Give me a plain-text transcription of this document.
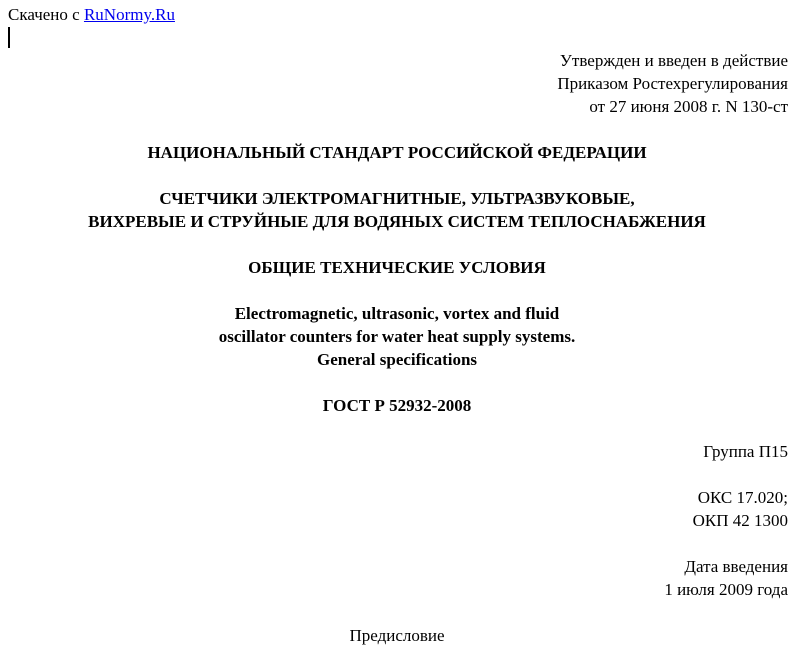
Скачено с RuNormy.Ru
Утвержден и введен в действие
Приказом Ростехрегулирования
от 27 июня 2008 г. N 130-ст
НАЦИОНАЛЬНЫЙ СТАНДАРТ РОССИЙСКОЙ ФЕДЕРАЦИИ
СЧЕТЧИКИ ЭЛЕКТРОМАГНИТНЫЕ, УЛЬТРАЗВУКОВЫЕ,
ВИХРЕВЫЕ И СТРУЙНЫЕ ДЛЯ ВОДЯНЫХ СИСТЕМ ТЕПЛОСНАБЖЕНИЯ
ОБЩИЕ ТЕХНИЧЕСКИЕ УСЛОВИЯ
Electromagnetic, ultrasonic, vortex and fluid
oscillator counters for water heat supply systems.
General specifications
ГОСТ Р 52932-2008
Группа П15
ОКС 17.020;
ОКП 42 1300
Дата введения
1 июля 2009 года
Предисловие
